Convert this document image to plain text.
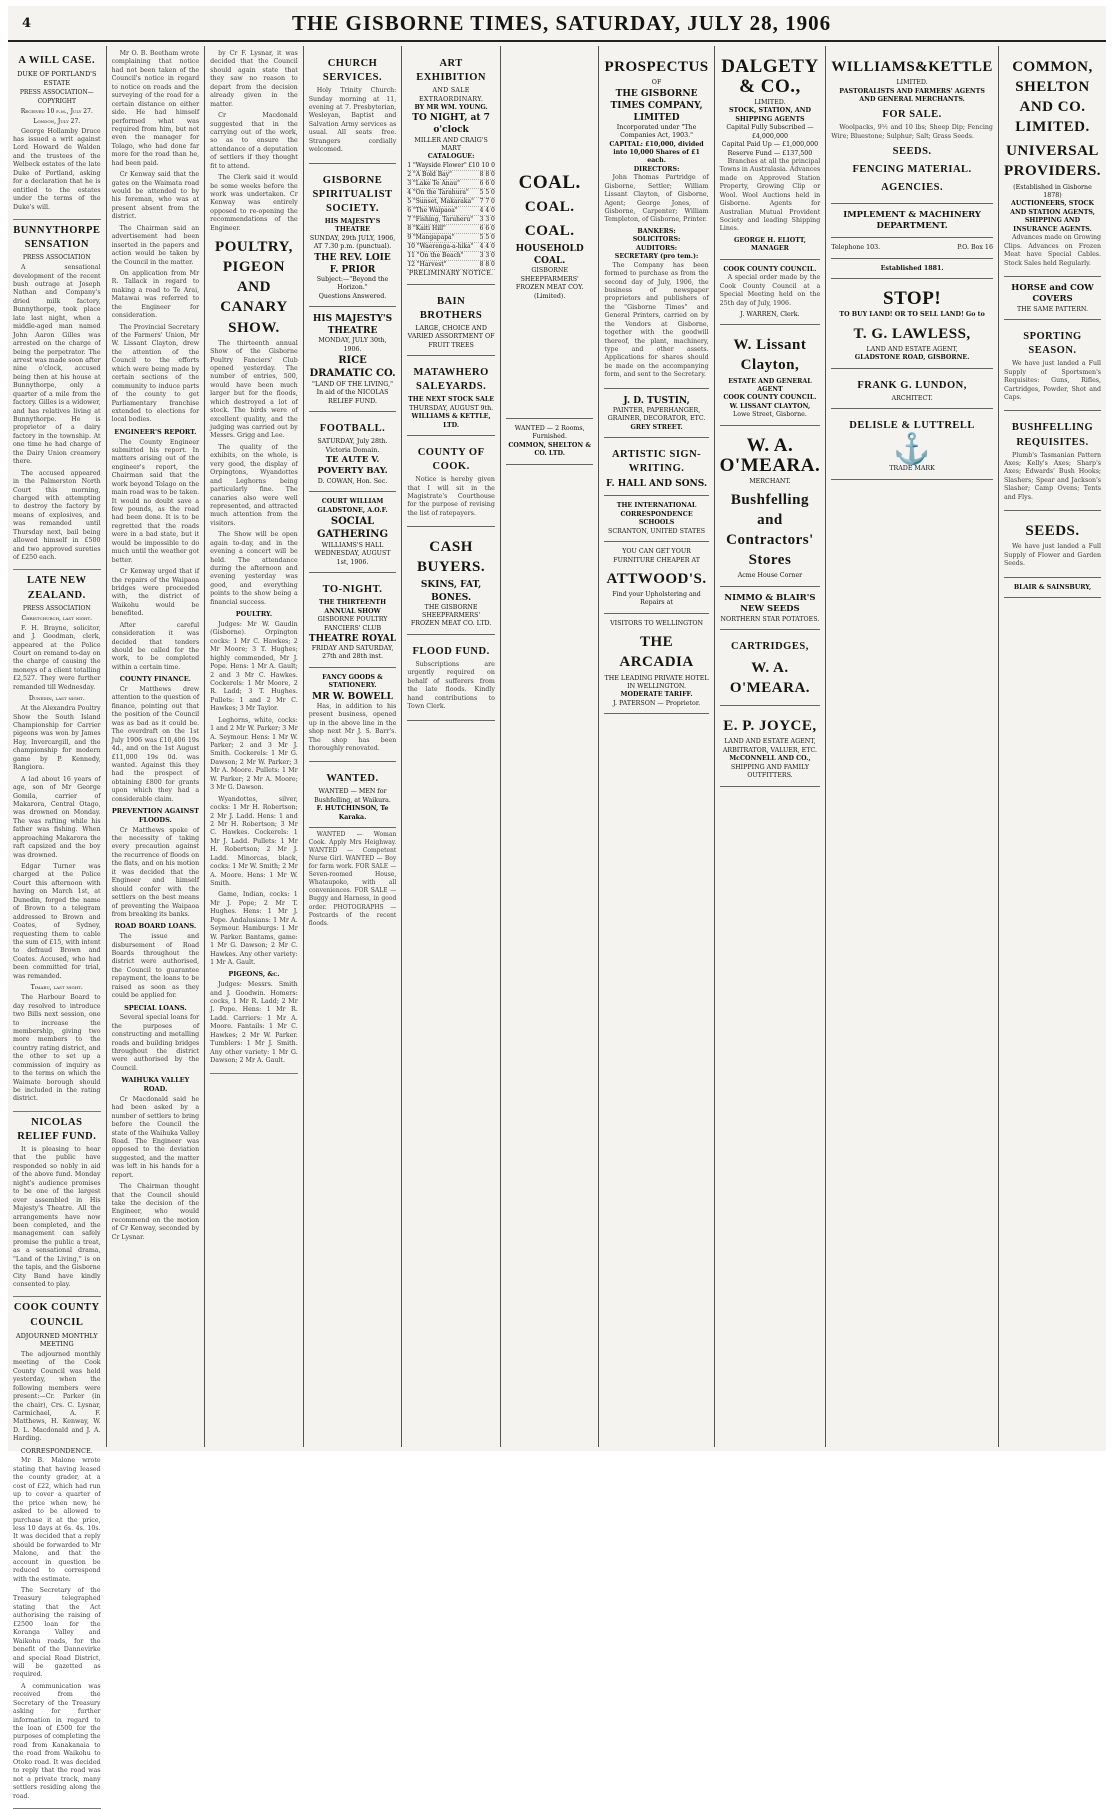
4	THE GISBORNE TIMES, SATURDAY, JULY 28, 1906
A WILL CASE.
DUKE OF PORTLAND'S ESTATE
PRESS ASSOCIATION—COPYRIGHT
Received 10 p.m., July 27.
London, July 27.

George Hollamby Druce has issued a writ against Lord Howard de Walden and the trustees of the Welbeck estates of the late Duke of Portland, asking for a declaration that he is entitled to the estates under the terms of the Duke's will.

BUNNYTHORPE SENSATION
PRESS ASSOCIATION

A sensational development of the recent bush outrage at Joseph Nathan and Company's dried milk factory, Bunnythorpe, took place late last night, when a middle-aged man named John Aaron Gilles was arrested on the charge of being the perpetrator. The arrest was made soon after nine o'clock, accused being then at his house at Bunnythorpe, only a quarter of a mile from the factory. Gilles is a widower, and has relatives living at Bunnythorpe. He is proprietor of a dairy factory in the township. At one time he had charge of the Dairy Union creamery there.

The accused appeared in the Palmerston North Court this morning, charged with attempting to destroy the factory by means of explosives, and was remanded until Thursday next, bail being allowed himself in £500 and two approved sureties of £250 each.

LATE NEW ZEALAND.
PRESS ASSOCIATION
Christchurch, last night.

F. H. Brayne, solicitor, and J. Goodman, clerk, appeared at the Police Court on remand to-day on the charge of causing the moneys of a client totalling £2,527. They were further remanded till Wednesday.

Dunedin, last night.

At the Alexandra Poultry Show the South Island Championship for Carrier pigeons was won by James Hay, Invercargill, and the championship for modern game by P. Kennedy, Rangiora.

A lad about 16 years of age, son of Mr George Gomila, carrier of Makarora, Central Otago, was drowned on Monday. The was rafting while his father was fishing. When approaching Makarora the raft capsized and the boy was drowned.

Edgar Turner was charged at the Police Court this afternoon with having on March 1st, at Dunedin, forged the name of Brown to a telegram addressed to Brown and Coates, of Sydney, requesting them to cable the sum of £15, with intent to defraud Brown and Coates. Accused, who had been committed for trial, was remanded.

Timaru, last night.

The Harbour Board to day resolved to introduce two Bills next session, one to increase the membership, giving two more members to the country rating district, and the other to set up a commission of inquiry as to the terms on which the Waimate borough should be included in the rating district.

NICOLAS RELIEF FUND.

It is pleasing to hear that the public have responded so nobly in aid of the above fund. Monday night's audience promises to be one of the largest ever assembled in His Majesty's Theatre. All the arrangements have now been completed, and the management can safely promise the public a treat, as a sensational drama, "Land of the Living," is on the tapis, and the Gisborne City Band have kindly consented to play.

COOK COUNTY COUNCIL
ADJOURNED MONTHLY MEETING

The adjourned monthly meeting of the Cook County Council was held yesterday, when the following members were present:—Cr. Parker (in the chair), Crs. C. Lysnar, Carmichael, A. F. Matthews, H. Kenway, W. D. L. Macdonald and J. A. Harding.

CORRESPONDENCE.

Mr B. Malone wrote stating that having leased the county grader, at a cost of £22, which had run up to cover a quarter of the price when new, he asked to be allowed to purchase it at the price, less 10 days at 6s. 4s. 10s. It was decided that a reply should be forwarded to Mr Malone, and that the account in question be reduced to correspond with the estimate.

The Secretary of the Treasury telegraphed stating that the Act authorising the raising of £2500 loan for the Koranga Valley and Waikohu roads, for the benefit of the Dannevirke and special Road District, will be gazetted as required.

A communication was received from the Secretary of the Treasury asking for further information in regard to the loan of £500 for the purposes of completing the road from Kanakanaia to the road from Waikohu to Otoko road. It was decided to reply that the road was not a private track, many settlers residing along the road.

Mr O. B. Beetham wrote complaining that notice had not been taken of the Council's notice in regard to notice on roads and the surveying of the road for a certain distance on either side. He had himself performed what was required from him, but not even the manager for Tolago, who had done far more for the road than he, had been paid.

Cr Kenway said that the gates on the Waimata road would be attended to by his foreman, who was at present absent from the district.

The Chairman said an advertisement had been inserted in the papers and action would be taken by the Council in the matter.

On application from Mr R. Tallack in regard to making a road to Te Arai, Matawai was referred to the Engineer for consideration.

The Provincial Secretary of the Farmers' Union, Mr W. Lissant Clayton, drew the attention of the Council to the efforts which were being made by certain sections of the community to induce parts of the county to get Parliamentary franchise extended to elections for local bodies.

ENGINEER'S REPORT.

The County Engineer submitted his report. In matters arising out of the engineer's report, the Chairman said that the work beyond Tolago on the main road was to be taken. It would no doubt save a few pounds, as the road had been done. It is to be regretted that the roads were in a bad state, but it would be impossible to do much until the weather got better.

Cr Kenway urged that if the repairs of the Waipaoa bridges were proceeded with, the district of Waikohu would be benefited.

After careful consideration it was decided that tenders should be called for the work, to be completed within a certain time.

COUNTY FINANCE.

Cr Matthews drew attention to the question of finance, pointing out that the position of the Council was as bad as it could be. The overdraft on the 1st July 1906 was £10,406 19s 4d., and on the 1st August £11,000 19s 0d. was wanted. Against this they had the prospect of obtaining £800 for grants upon which they had a considerable claim.

PREVENTION AGAINST FLOODS.

Cr Matthews spoke of the necessity of taking every precaution against the recurrence of floods on the flats, and on his motion it was decided that the Engineer and himself should confer with the settlers on the best means of preventing the Waipaoa from breaking its banks.

ROAD BOARD LOANS.

The issue and disbursement of Road Boards throughout the district were authorised, the Council to guarantee repayment, the loans to be raised as soon as they could be applied for.

SPECIAL LOANS.

Several special loans for the purposes of constructing and metalling roads and building bridges throughout the district were authorised by the Council.

WAIHUKA VALLEY ROAD.

Cr Macdonald said he had been asked by a number of settlers to bring before the Council the state of the Waihuka Valley Road. The Engineer was opposed to the deviation suggested, and the matter was left in his hands for a report.

The Chairman thought that the Council should take the decision of the Engineer, who would recommend on the motion of Cr Kenway, seconded by Cr Lysnar.

by Cr F. Lysnar, it was decided that the Council should again state that they saw no reason to depart from the decision already given in the matter.

Cr Macdonald suggested that in the carrying out of the work, so as to ensure the attendance of a deputation of settlers if they thought fit to attend.

The Clerk said it would be some weeks before the work was undertaken. Cr Kenway was entirely opposed to re-opening the recommendations of the Engineer.

POULTRY, PIGEON AND CANARY SHOW.

The thirteenth annual Show of the Gisborne Poultry Fanciers' Club opened yesterday. The number of entries, 500, would have been much larger but for the floods, which destroyed a lot of stock. The birds were of excellent quality, and the judging was carried out by Messrs. Grigg and Lee.

The quality of the exhibits, on the whole, is very good, the display of Orpingtons, Wyandottes and Leghorns being particularly fine. The canaries also were well represented, and attracted much attention from the visitors.

The Show will be open again to-day, and in the evening a concert will be held. The attendance during the afternoon and evening yesterday was good, and everything points to the show being a financial success.

POULTRY.

Judges: Mr W. Gaudin (Gisborne). Orpington cocks: 1 Mr C. Hawkes; 2 Mr Moore; 3 T. Hughes; highly commended, Mr J. Pope. Hens: 1 Mr A. Gault; 2 and 3 Mr C. Hawkes. Cockerels: 1 Mr Moore, 2 R. Ladd; 3 T. Hughes. Pullets: 1 and 2 Mr C. Hawkes; 3 Mr Taylor.

Leghorns, white, cocks: 1 and 2 Mr W. Parker; 3 Mr A. Seymour. Hens: 1 Mr W. Parker; 2 and 3 Mr J. Smith. Cockerels: 1 Mr G. Dawson; 2 Mr W. Parker; 3 Mr A. Moore. Pullets: 1 Mr W. Parker; 2 Mr A. Moore; 3 Mr G. Dawson.

Wyandottes, silver, cocks: 1 Mr H. Robertson; 2 Mr J. Ladd. Hens: 1 and 2 Mr H. Robertson; 3 Mr C. Hawkes. Cockerels: 1 Mr J. Ladd. Pullets: 1 Mr H. Robertson; 2 Mr J. Ladd. Minorcas, black, cocks: 1 Mr W. Smith; 2 Mr A. Moore. Hens: 1 Mr W. Smith.

Game, Indian, cocks: 1 Mr J. Pope; 2 Mr T. Hughes. Hens: 1 Mr J. Pope. Andalusians: 1 Mr A. Seymour. Hamburgs: 1 Mr W. Parker. Bantams, game: 1 Mr G. Dawson; 2 Mr C. Hawkes. Any other variety: 1 Mr A. Gault.

PIGEONS, &c.

Judges: Messrs. Smith and J. Goodwin. Homers: cocks, 1 Mr R. Ladd; 2 Mr J. Pope. Hens: 1 Mr R. Ladd. Carriers: 1 Mr A. Moore. Fantails: 1 Mr C. Hawkes; 2 Mr W. Parker. Tumblers: 1 Mr J. Smith. Any other variety: 1 Mr G. Dawson; 2 Mr A. Gault.

CHURCH SERVICES.

Holy Trinity Church: Sunday morning at 11, evening at 7. Presbyterian, Wesleyan, Baptist and Salvation Army services as usual. All seats free. Strangers cordially welcomed.

GISBORNE SPIRITUALIST SOCIETY.
HIS MAJESTY'S THEATRE
SUNDAY, 29th JULY, 1906,
AT 7.30 p.m. (punctual).
THE REV. LOIE F. PRIOR
Subject:—"Beyond the Horizon."
Questions Answered.
HIS MAJESTY'S THEATRE
MONDAY, JULY 30th, 1906.
RICE DRAMATIC CO.
"LAND OF THE LIVING,"
In aid of the NICOLAS RELIEF FUND.
FOOTBALL.
SATURDAY, July 28th.
Victoria Domain.
TE AUTE V. POVERTY BAY.
D. COWAN, Hon. Sec.
COURT WILLIAM GLADSTONE, A.O.F.
SOCIAL GATHERING
WILLIAMS'S HALL
WEDNESDAY, AUGUST 1st, 1906.
TO-NIGHT.
THE THIRTEENTH ANNUAL SHOW
GISBORNE POULTRY FANCIERS' CLUB
THEATRE ROYAL
FRIDAY AND SATURDAY, 27th and 28th inst.
FANCY GOODS & STATIONERY.
MR W. BOWELL

Has, in addition to his present business, opened up in the above line in the shop next Mr J. S. Barr's. The shop has been thoroughly renovated.

WANTED.
WANTED — MEN for Bushfelling, at Waikura.
F. HUTCHINSON, Te Karaka.

WANTED — Woman Cook. Apply Mrs Heighway. WANTED — Competent Nurse Girl. WANTED — Boy for farm work. FOR SALE — Seven-roomed House, Whataupoko, with all conveniences. FOR SALE — Buggy and Harness, in good order. PHOTOGRAPHS — Postcards of the recent floods.

ART EXHIBITION
AND SALE EXTRAORDINARY.
BY MR WM. YOUNG.
TO NIGHT, at 7 o'clock
MILLER AND CRAIG'S MART
CATALOGUE:
1 "Wayside Flower" £10 10 0
2 "A Bold Bay"	8 8 0
3 "Lake Te Anau"	6 6 0
4 "On the Tarahura" 5 5 0
5 "Sunset, Makaraka" 7 7 0
6 "The Waipaoa"	4 4 0
7 "Fishing, Taruheru" 3 3 0
8 "Kaiti Hill"	6 6 0
9 "Mangapapa"	5 5 0
10 "Waerenga-a-hika" 4 4 0
11 "On the Beach"	3 3 0
12 "Harvest"	8 8 0
PRELIMINARY NOTICE.
BAIN BROTHERS
LARGE, CHOICE AND VARIED ASSORTMENT OF FRUIT TREES
MATAWHERO SALEYARDS.
THE NEXT STOCK SALE
THURSDAY, AUGUST 9th.
WILLIAMS & KETTLE, LTD.
COUNTY OF COOK.

Notice is hereby given that I will sit in the Magistrate's Courthouse for the purpose of revising the list of ratepayers.

CASH BUYERS.
SKINS, FAT, BONES.
THE GISBORNE SHEEPFARMERS' FROZEN MEAT CO. LTD.
FLOOD FUND.

Subscriptions are urgently required on behalf of sufferers from the late floods. Kindly hand contributions to Town Clerk.

COAL.
COAL.
COAL.
HOUSEHOLD COAL.
GISBORNE SHEEPFARMERS' FROZEN MEAT COY. (Limited).
WANTED — 2 Rooms, Furnished.
COMMON, SHELTON & CO. LTD.
PROSPECTUS
OF
THE GISBORNE TIMES COMPANY, LIMITED
Incorporated under "The Companies Act, 1903."
CAPITAL: £10,000, divided into 10,000 Shares of £1 each.
DIRECTORS:

John Thomas Partridge of Gisborne, Settler; William Lissant Clayton, of Gisborne, Agent; George Jones, of Gisborne, Carpenter; William Templeton, of Gisborne, Printer.

BANKERS:
SOLICITORS:
AUDITORS:
SECRETARY (pro tem.):

The Company has been formed to purchase as from the second day of July, 1906, the business of newspaper proprietors and publishers of the "Gisborne Times" and General Printers, carried on by the Vendors at Gisborne, together with the goodwill thereof, the plant, machinery, type and other assets. Applications for shares should be made on the accompanying form, and sent to the Secretary.

J. D. TUSTIN,
PAINTER, PAPERHANGER, GRAINER, DECORATOR, ETC.
GREY STREET.
ARTISTIC SIGN-WRITING.
F. HALL AND SONS.
THE INTERNATIONAL CORRESPONDENCE SCHOOLS
SCRANTON, UNITED STATES
YOU CAN GET YOUR FURNITURE CHEAPER AT
ATTWOOD'S.
Find your Upholstering and Repairs at
VISITORS TO WELLINGTON
THE ARCADIA
THE LEADING PRIVATE HOTEL IN WELLINGTON.
MODERATE TARIFF.
J. PATERSON — Proprietor.
DALGETY & CO.,
LIMITED.
STOCK, STATION, AND SHIPPING AGENTS
Capital Fully Subscribed — £4,000,000
Capital Paid Up — £1,000,000
Reserve Fund — £137,500

Branches at all the principal Towns in Australasia. Advances made on Approved Station Property, Growing Clip or Wool. Wool Auctions held in Gisborne. Agents for Australian Mutual Provident Society and leading Shipping Lines.

GEORGE H. ELIOTT, MANAGER
COOK COUNTY COUNCIL.

A special order made by the Cook County Council at a Special Meeting held on the 25th day of July, 1906.

J. WARREN, Clerk.
W. Lissant Clayton,
ESTATE AND GENERAL AGENT
COOK COUNTY COUNCIL.
W. LISSANT CLAYTON,
Lowe Street, Gisborne.
W. A. O'MEARA.
MERCHANT.
Bushfelling and Contractors' Stores
Acme House Corner
NIMMO & BLAIR'S NEW SEEDS
NORTHERN STAR POTATOES.
CARTRIDGES,
W. A. O'MEARA.
E. P. JOYCE,
LAND AND ESTATE AGENT, ARBITRATOR, VALUER, ETC.
McCONNELL AND CO.,
SHIPPING AND FAMILY OUTFITTERS.
WILLIAMS&KETTLE
LIMITED.
PASTORALISTS AND FARMERS' AGENTS AND GENERAL MERCHANTS.
FOR SALE.

Woolpacks, 9½ and 10 lbs; Sheep Dip; Fencing Wire; Bluestone; Sulphur; Salt; Grass Seeds.

SEEDS.
FENCING MATERIAL.
AGENCIES.
IMPLEMENT & MACHINERY DEPARTMENT.
Telephone 103.	P.O. Box 16
Established 1881.
STOP!
TO BUY LAND! OR TO SELL LAND! Go to
T. G. LAWLESS,
LAND AND ESTATE AGENT,
GLADSTONE ROAD, GISBORNE.
FRANK G. LUNDON,
ARCHITECT.
DELISLE & LUTTRELL
⚓
TRADE MARK
COMMON, SHELTON AND CO. LIMITED.
UNIVERSAL PROVIDERS.
(Established in Gisborne 1878)
AUCTIONEERS, STOCK AND STATION AGENTS, SHIPPING AND INSURANCE AGENTS.

Advances made on Growing Clips. Advances on Frozen Meat have Special Cables. Stock Sales held Regularly.

HORSE and COW COVERS
THE SAME PATTERN.
SPORTING SEASON.

We have just landed a Full Supply of Sportsmen's Requisites: Guns, Rifles, Cartridges, Powder, Shot and Caps.

BUSHFELLING REQUISITES.

Plumb's Tasmanian Pattern Axes; Kelly's Axes; Sharp's Axes; Edwards' Bush Hooks; Slashers; Spear and Jackson's Slasher; Camp Ovens; Tents and Flys.

SEEDS.

We have just landed a Full Supply of Flower and Garden Seeds.

BLAIR & SAINSBURY,
